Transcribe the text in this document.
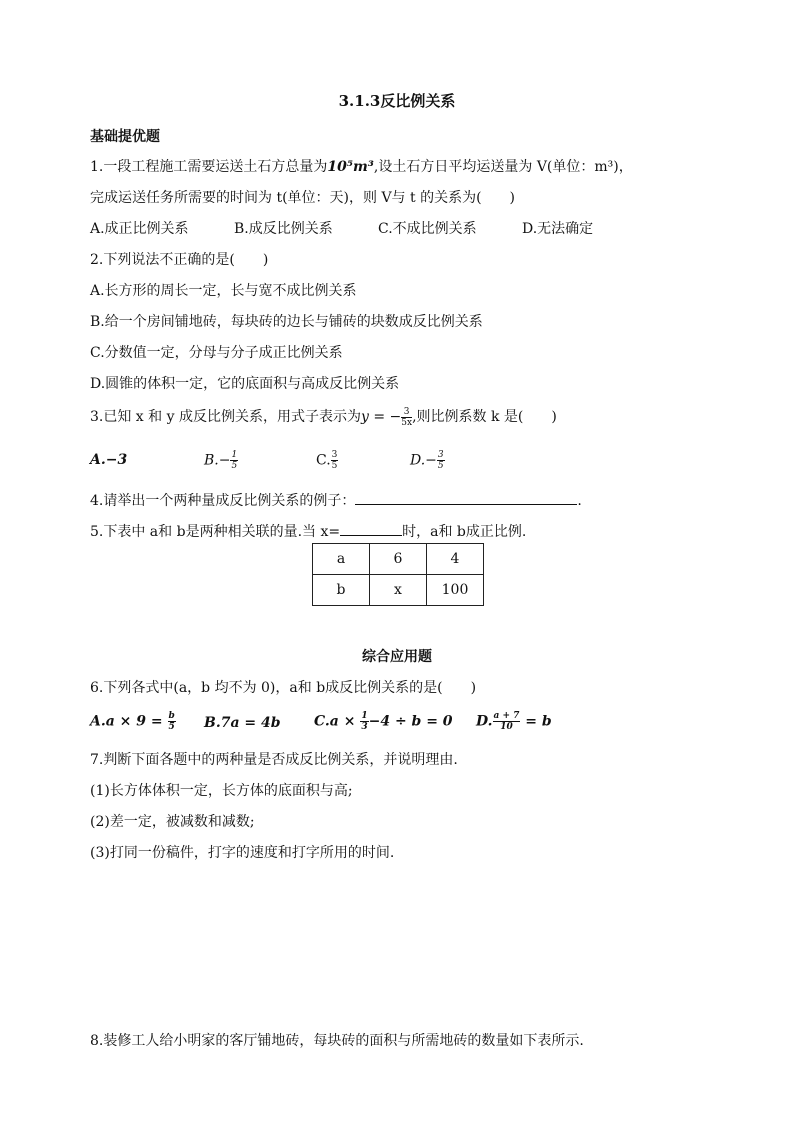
3.1.3反比例关系
基础提优题
1.一段工程施工需要运送土石方总量为10⁵m³,设土石方日平均运送量为 V(单位：m³)，
完成运送任务所需要的时间为 t(单位：天)，则 V与 t 的关系为(　　)
A.成正比例关系	B.成反比例关系	C.不成比例关系	D.无法确定
2.下列说法不正确的是(　　)
A.长方形的周长一定，长与宽不成比例关系
B.给一个房间铺地砖，每块砖的边长与铺砖的块数成反比例关系
C.分数值一定，分母与分子成正比例关系
D.圆锥的体积一定，它的底面积与高成反比例关系
3.已知 x 和 y 成反比例关系，用式子表示为y = − $\frac{3}{5x}$ ,则比例系数 k 是(　　)
A.−3	$B.- \frac{1}{5}$	C. $\frac{3}{5}$	$D.- \frac{3}{5}$
4.请举出一个两种量成反比例关系的例子：	.
5.下表中 a和 b是两种相关联的量.当 x=	时，a和 b成正比例.
a	6	4
b	x	100
综合应用题
6.下列各式中(a，b 均不为 0)，a和 b成反比例关系的是(　　)
$A.a \times 9 = \frac{b}{5} B.7a = 4b$ $C.a \times \frac{1}{3} -4 \div b = 0$ D. $\frac{a + 7}{10} = b$
7.判断下面各题中的两种量是否成反比例关系，并说明理由.
(1)长方体体积一定，长方体的底面积与高;
(2)差一定，被减数和减数;
(3)打同一份稿件，打字的速度和打字所用的时间.
8.装修工人给小明家的客厅铺地砖，每块砖的面积与所需地砖的数量如下表所示.
